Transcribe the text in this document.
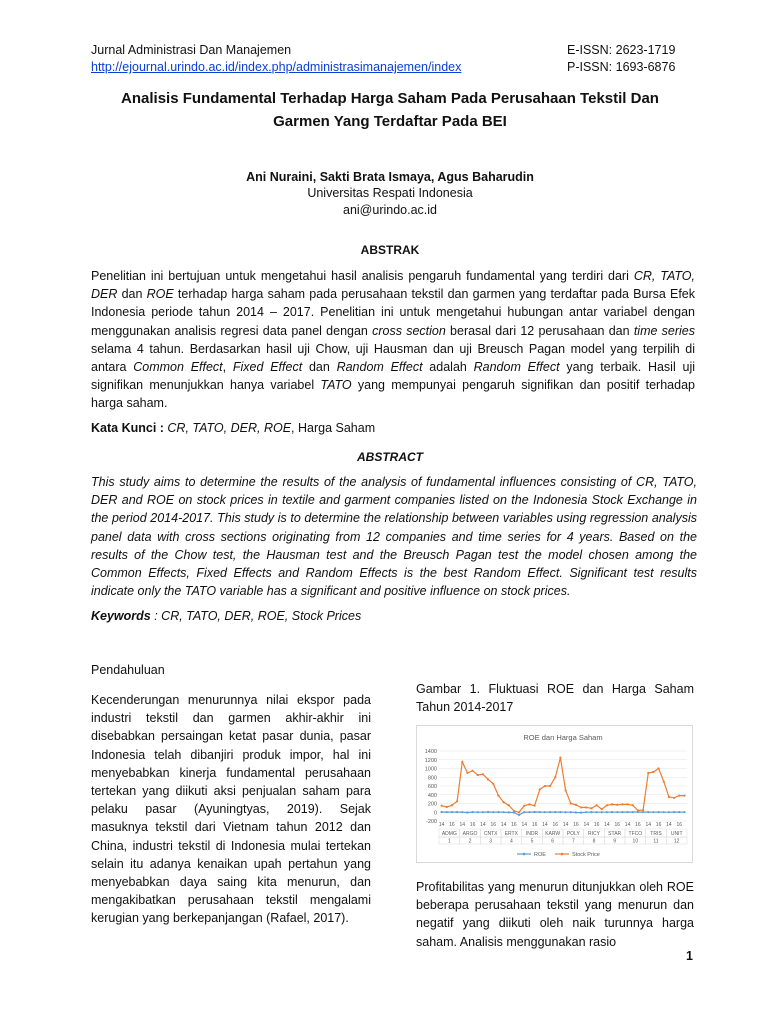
Jurnal Administrasi Dan Manajemen
http://ejournal.urindo.ac.id/index.php/administrasimanajemen/index
E-ISSN: 2623-1719
P-ISSN: 1693-6876
Analisis Fundamental Terhadap Harga Saham Pada Perusahaan Tekstil Dan
Garmen Yang Terdaftar Pada BEI
Ani Nuraini, Sakti Brata Ismaya, Agus Baharudin
Universitas Respati Indonesia
ani@urindo.ac.id
ABSTRAK
Penelitian ini bertujuan untuk mengetahui hasil analisis pengaruh fundamental yang terdiri dari CR, TATO, DER dan ROE terhadap harga saham pada perusahaan tekstil dan garmen yang terdaftar pada Bursa Efek Indonesia periode tahun 2014 – 2017. Penelitian ini untuk mengetahui hubungan antar variabel dengan menggunakan analisis regresi data panel dengan cross section berasal dari 12 perusahaan dan time series selama 4 tahun. Berdasarkan hasil uji Chow, uji Hausman dan uji Breusch Pagan model yang terpilih di antara Common Effect, Fixed Effect dan Random Effect adalah Random Effect yang terbaik. Hasil uji signifikan menunjukkan hanya variabel TATO yang mempunyai pengaruh signifikan dan positif terhadap harga saham.
Kata Kunci : CR, TATO, DER, ROE, Harga Saham
ABSTRACT
This study aims to determine the results of the analysis of fundamental influences consisting of CR, TATO, DER and ROE on stock prices in textile and garment companies listed on the Indonesia Stock Exchange in the period 2014-2017. This study is to determine the relationship between variables using regression analysis panel data with cross sections originating from 12 companies and time series for 4 years. Based on the results of the Chow test, the Hausman test and the Breusch Pagan test the model chosen among the Common Effects, Fixed Effects and Random Effects is the best Random Effect. Significant test results indicate only the TATO variable has a significant and positive influence on stock prices.
Keywords : CR, TATO, DER, ROE, Stock Prices
Pendahuluan
Kecenderungan menurunnya nilai ekspor pada industri tekstil dan garmen akhir-akhir ini disebabkan persaingan ketat pasar dunia, pasar Indonesia telah dibanjiri produk impor, hal ini menyebabkan kinerja fundamental perusahaan tertekan yang diikuti aksi penjualan saham para pelaku pasar (Ayuningtyas, 2019). Sejak masuknya tekstil dari Vietnam tahun 2012 dan China, industri tekstil di Indonesia mulai tertekan selain itu adanya kenaikan upah pertahun yang menyebabkan daya saing kita menurun, dan mengakibatkan perusahaan tekstil mengalami kerugian yang berkepanjangan (Rafael, 2017).
Gambar 1. Fluktuasi ROE dan Harga Saham Tahun 2014-2017
ROE dan Harga Saham
1400
1200
1000
800
600
400
200
0
-200 14 16 14 16 14 16 14 16 14 16 14 16 14 16 14 16 14 16 14 16 14 16 14 16
ADMG ARGO CNTX ERTX INDR KARW POLY RICY STAR TFCO TRIS UNIT
1	2	3	4	5	6	7	8	9	10	11	12
ROE	Stock Price
Profitabilitas yang menurun ditunjukkan oleh ROE beberapa perusahaan tekstil yang menurun dan negatif yang diikuti oleh naik turunnya harga saham. Analisis menggunakan rasio
1
